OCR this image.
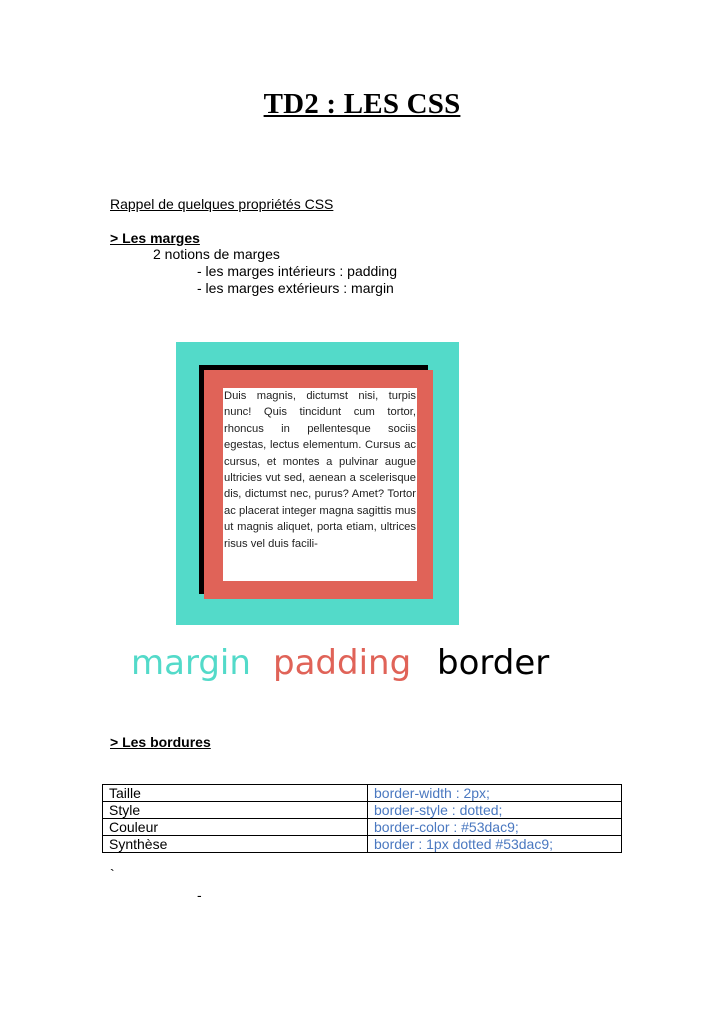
TD2 : LES CSS
Rappel de quelques propriétés CSS
> Les marges
2 notions de marges
- les marges intérieurs : padding
- les marges extérieurs : margin
Duis magnis, dictumst nisi, turpis nunc! Quis tincidunt cum tortor, rhoncus in pellentesque sociis egestas, lectus elementum. Cursus ac cursus, et montes a pulvinar augue ultricies vut sed, aenean a scelerisque dis, dictumst nec, purus? Amet? Tortor ac placerat integer magna sagittis mus ut magnis aliquet, porta etiam, ultrices risus vel duis facili-
margin padding border
> Les bordures
Taille	border-width : 2px;
Style	border-style : dotted;
Couleur	border-color : #53dac9;
Synthèse	border : 1px dotted #53dac9;
`
-
